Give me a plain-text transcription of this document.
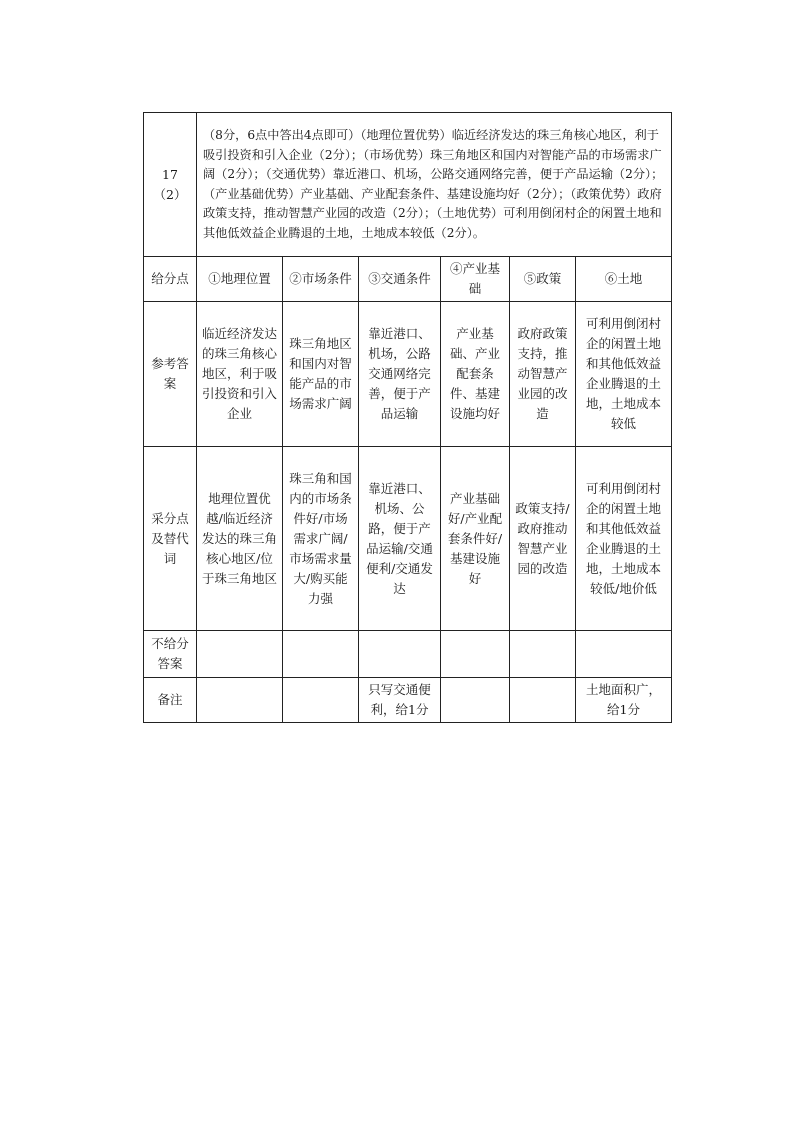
17（2）	（8分，6点中答出4点即可）（地理位置优势）临近经济发达的珠三角核心地区，利于吸引投资和引入企业（2分）；（市场优势）珠三角地区和国内对智能产品的市场需求广阔（2分）；（交通优势）靠近港口、机场，公路交通网络完善，便于产品运输（2分）；（产业基础优势）产业基础、产业配套条件、基建设施均好（2分）；（政策优势）政府政策支持，推动智慧产业园的改造（2分）；（土地优势）可利用倒闭村企的闲置土地和其他低效益企业腾退的土地，土地成本较低（2分）。					
给分点	①地理位置	②市场条件	③交通条件	④产业基础	⑤政策	⑥土地
参考答案	临近经济发达的珠三角核心地区，利于吸引投资和引入企业	珠三角地区和国内对智能产品的市场需求广阔	靠近港口、机场，公路交通网络完善，便于产品运输	产业基础、产业配套条件、基建设施均好	政府政策支持，推动智慧产业园的改造	可利用倒闭村企的闲置土地和其他低效益企业腾退的土地，土地成本较低
采分点及替代词	地理位置优越/临近经济发达的珠三角核心地区/位于珠三角地区	珠三角和国内的市场条件好/市场需求广阔/市场需求量大/购买能力强	靠近港口、机场、公路，便于产品运输/交通便利/交通发达	产业基础好/产业配套条件好/基建设施好	政策支持/政府推动智慧产业园的改造	可利用倒闭村企的闲置土地和其他低效益企业腾退的土地，土地成本较低/地价低
不给分答案						
备注			只写交通便利，给1分			土地面积广，给1分
